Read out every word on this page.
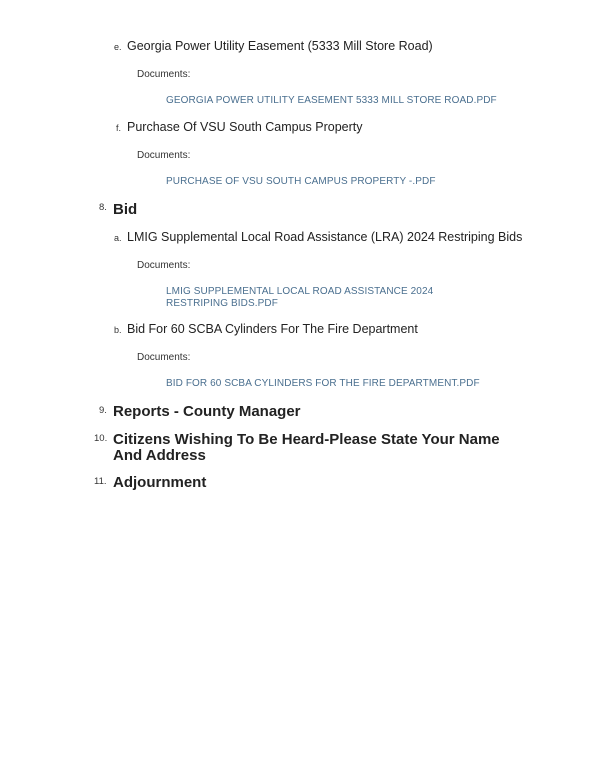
e. Georgia Power Utility Easement (5333 Mill Store Road)
Documents:
GEORGIA POWER UTILITY EASEMENT 5333 MILL STORE ROAD.PDF
f. Purchase Of VSU South Campus Property
Documents:
PURCHASE OF VSU SOUTH CAMPUS PROPERTY -.PDF
8. Bid
a. LMIG Supplemental Local Road Assistance (LRA) 2024 Restriping Bids
Documents:
LMIG SUPPLEMENTAL LOCAL ROAD ASSISTANCE 2024 RESTRIPING BIDS.PDF
b. Bid For 60 SCBA Cylinders For The Fire Department
Documents:
BID FOR 60 SCBA CYLINDERS FOR THE FIRE DEPARTMENT.PDF
9. Reports - County Manager
10. Citizens Wishing To Be Heard-Please State Your Name And Address
11. Adjournment
